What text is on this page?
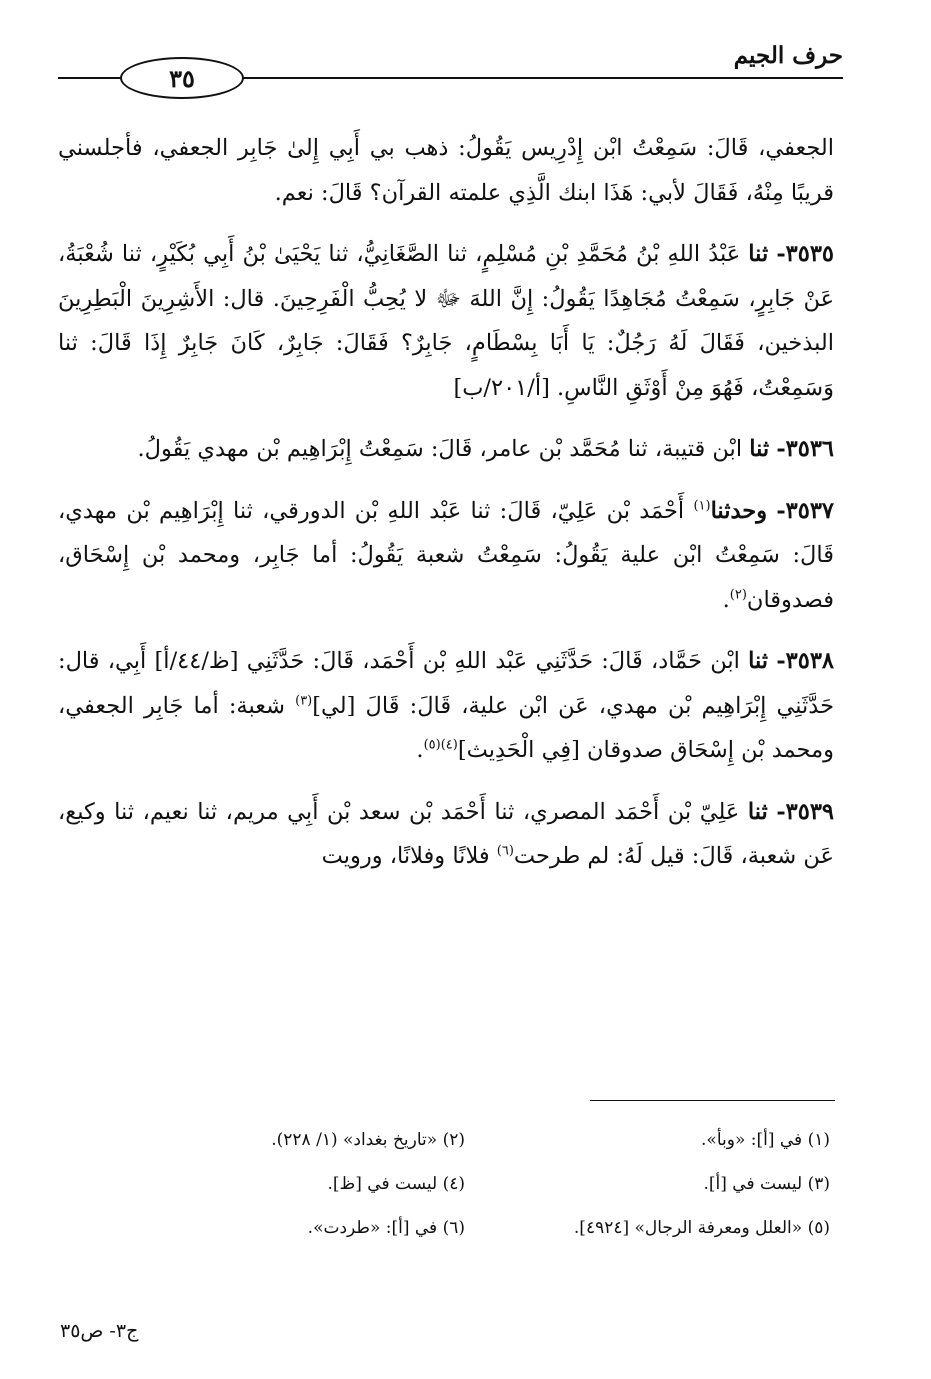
حرف الجيم
٣٥

الجعفي، قَالَ: سَمِعْتُ ابْن إِدْرِيس يَقُولُ: ذهب بي أَبِي إِلىٰ جَابِر الجعفي، فأجلسني قريبًا مِنْهُ، فَقَالَ لأبي: هَذَا ابنك الَّذِي علمته القرآن؟ قَالَ: نعم.

٣٥٣٥- ثنا عَبْدُ اللهِ بْنُ مُحَمَّدِ بْنِ مُسْلِمٍ، ثنا الصَّغَانِيُّ، ثنا يَحْيَىٰ بْنُ أَبِي بُكَيْرٍ، ثنا شُعْبَةُ، عَنْ جَابِرٍ، سَمِعْتُ مُجَاهِدًا يَقُولُ: إِنَّ اللهَ ﷻ لا يُحِبُّ الْفَرِحِينَ. قال: الأَشِرِينَ الْبَطِرِينَ البذخين، فَقَالَ لَهُ رَجُلٌ: يَا أَبَا بِسْطَامٍ، جَابِرٌ؟ فَقَالَ: جَابِرٌ، كَانَ جَابِرٌ إِذَا قَالَ: ثنا وَسَمِعْتُ، فَهُوَ مِنْ أَوْثَقِ النَّاسِ. [أ/٢٠١/ب]

٣٥٣٦- ثنا ابْن قتيبة، ثنا مُحَمَّد بْن عامر، قَالَ: سَمِعْتُ إِبْرَاهِيم بْن مهدي يَقُولُ.

٣٥٣٧- وحدثنا$^{(١)}$ أَحْمَد بْن عَلِيّ، قَالَ: ثنا عَبْد اللهِ بْن الدورقي، ثنا إِبْرَاهِيم بْن مهدي، قَالَ: سَمِعْتُ ابْن علية يَقُولُ: سَمِعْتُ شعبة يَقُولُ: أما جَابِر، ومحمد بْن إِسْحَاق، فصدوقان$^{(٢)}$.

٣٥٣٨- ثنا ابْن حَمَّاد، قَالَ: حَدَّثَنِي عَبْد اللهِ بْن أَحْمَد، قَالَ: حَدَّثَنِي [ظ/٤٤/أ] أَبِي، قال: حَدَّثَنِي إِبْرَاهِيم بْن مهدي، عَن ابْن علية، قَالَ: قَالَ [لي]$^{(٣)}$ شعبة: أما جَابِر الجعفي، ومحمد بْن إِسْحَاق صدوقان [فِي الْحَدِيث]$^{(٤)(٥)}$.

٣٥٣٩- ثنا عَلِيّ بْن أَحْمَد المصري، ثنا أَحْمَد بْن سعد بْن أَبِي مريم، ثنا نعيم، ثنا وكيع، عَن شعبة، قَالَ: قيل لَهُ: لم طرحت$^{(٦)}$ فلانًا وفلانًا، ورويت

(١) في [أ]: «وبأ».
(٢) «تاريخ بغداد» (١/ ٢٢٨).
(٣) ليست في [أ].
(٤) ليست في [ظ].
(٥) «العلل ومعرفة الرجال» [٤٩٢٤].
(٦) في [أ]: «طردت».
ج٣- ص٣٥
